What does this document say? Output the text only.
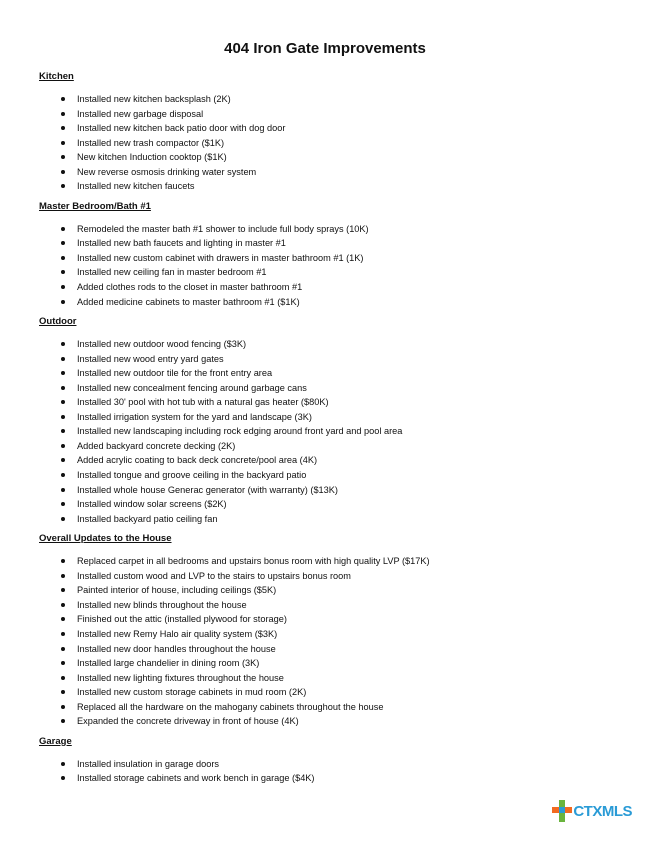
404 Iron Gate Improvements
Kitchen
Installed new kitchen backsplash (2K)
Installed new garbage disposal
Installed new kitchen back patio door with dog door
Installed new trash compactor ($1K)
New kitchen Induction cooktop ($1K)
New reverse osmosis drinking water system
Installed new kitchen faucets
Master Bedroom/Bath #1
Remodeled the master bath #1 shower to include full body sprays (10K)
Installed new bath faucets and lighting in master #1
Installed new custom cabinet with drawers in master bathroom #1 (1K)
Installed new ceiling fan in master bedroom #1
Added clothes rods to the closet in master bathroom #1
Added medicine cabinets to master bathroom #1 ($1K)
Outdoor
Installed new outdoor wood fencing ($3K)
Installed new wood entry yard gates
Installed new outdoor tile for the front entry area
Installed new concealment fencing around garbage cans
Installed 30' pool with hot tub with a natural gas heater ($80K)
Installed irrigation system for the yard and landscape (3K)
Installed new landscaping including rock edging around front yard and pool area
Added backyard concrete decking (2K)
Added acrylic coating to back deck concrete/pool area (4K)
Installed tongue and groove ceiling in the backyard patio
Installed whole house Generac generator (with warranty) ($13K)
Installed window solar screens ($2K)
Installed backyard patio ceiling fan
Overall Updates to the House
Replaced carpet in all bedrooms and upstairs bonus room with high quality LVP ($17K)
Installed custom wood and LVP to the stairs to upstairs bonus room
Painted interior of house, including ceilings ($5K)
Installed new blinds throughout the house
Finished out the attic (installed plywood for storage)
Installed new Remy Halo air quality system ($3K)
Installed new door handles throughout the house
Installed large chandelier in dining room (3K)
Installed new lighting fixtures throughout the house
Installed new custom storage cabinets in mud room (2K)
Replaced all the hardware on the mahogany cabinets throughout the house
Expanded the concrete driveway in front of house (4K)
Garage
Installed insulation in garage doors
Installed storage cabinets and work bench in garage ($4K)
CTXMLS
